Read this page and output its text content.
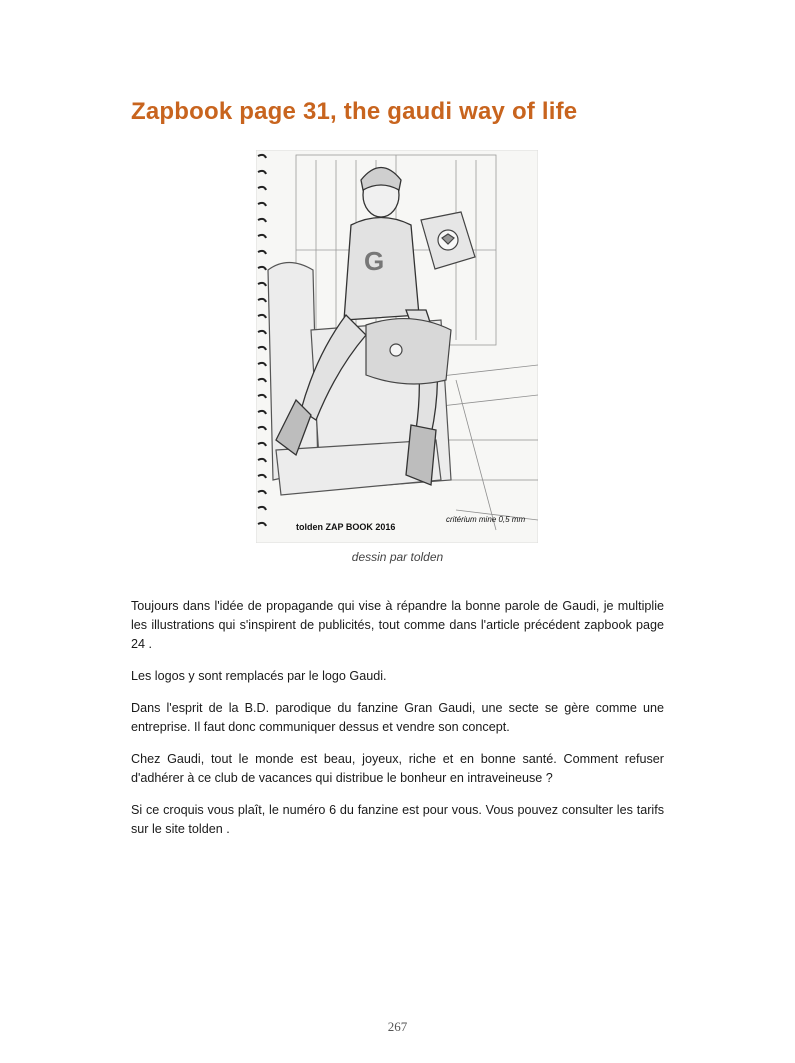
Zapbook page 31, the gaudi way of life
G
tolden ZAP BOOK 2016
critérium mine 0,5 mm
dessin par tolden

Toujours dans l'idée de propagande qui vise à répandre la bonne parole de Gaudi, je multiplie les illustrations qui s'inspirent de publicités, tout comme dans l'article précédent zapbook page 24 .

Les logos y sont remplacés par le logo Gaudi.

Dans l'esprit de la B.D. parodique du fanzine Gran Gaudi, une secte se gère comme une entreprise. Il faut donc communiquer dessus et vendre son concept.

Chez Gaudi, tout le monde est beau, joyeux, riche et en bonne santé. Comment refuser d'adhérer à ce club de vacances qui distribue le bonheur en intraveineuse ?

Si ce croquis vous plaît, le numéro 6 du fanzine est pour vous. Vous pouvez consulter les tarifs sur le site tolden .

267
